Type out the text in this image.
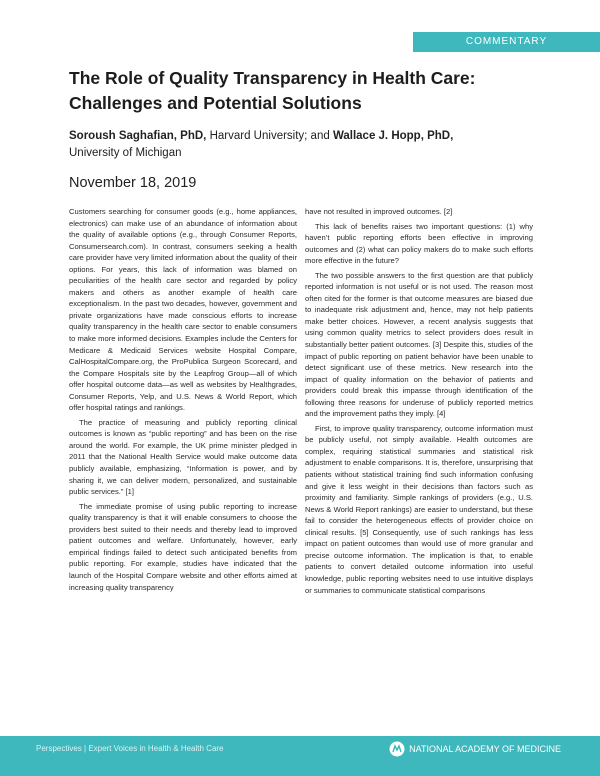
COMMENTARY
The Role of Quality Transparency in Health Care: Challenges and Potential Solutions
Soroush Saghafian, PhD, Harvard University; and Wallace J. Hopp, PhD,
University of Michigan
November 18, 2019

Customers searching for consumer goods (e.g., home appliances, electronics) can make use of an abundance of information about the quality of available options (e.g., through Consumer Reports, Consumersearch.com). In contrast, consumers seeking a health care provider have very limited information about the quality of their options. For years, this lack of information was blamed on peculiarities of the health care sector and regarded by policy makers and others as another example of health care exceptionalism. In the past two decades, however, government and private organizations have made conscious efforts to increase quality transparency in the health care sector to enable consumers to make more informed decisions. Examples include the Centers for Medicare & Medicaid Services website Hospital Compare, CalHospitalCompare.org, the ProPublica Surgeon Scorecard, and the Compare Hospitals site by the Leapfrog Group—all of which offer hospital outcome data—as well as websites by Healthgrades, Consumer Reports, Yelp, and U.S. News & World Report, which offer hospital ratings and rankings.

The practice of measuring and publicly reporting clinical outcomes is known as “public reporting” and has been on the rise around the world. For example, the UK prime minister pledged in 2011 that the National Health Service would make outcome data publicly available, emphasizing, “Information is power, and by sharing it, we can deliver modern, personalized, and sustainable public services.” [1]

The immediate promise of using public reporting to increase quality transparency is that it will enable consumers to choose the providers best suited to their needs and thereby lead to improved patient outcomes and welfare. Unfortunately, however, early empirical findings failed to detect such anticipated benefits from public reporting. For example, studies have indicated that the launch of the Hospital Compare website and other efforts aimed at increasing quality transparency

have not resulted in improved outcomes. [2]

This lack of benefits raises two important questions: (1) why haven’t public reporting efforts been effective in improving outcomes and (2) what can policy makers do to make such efforts more effective in the future?

The two possible answers to the first question are that publicly reported information is not useful or is not used. The reason most often cited for the former is that outcome measures are biased due to inadequate risk adjustment and, hence, may not help patients make better choices. However, a recent analysis suggests that using common quality metrics to select providers does result in substantially better patient outcomes. [3] Despite this, studies of the impact of public reporting on patient behavior have been unable to detect significant use of these metrics. New research into the impact of quality information on the behavior of patients and providers could break this impasse through identification of the following three reasons for underuse of publicly reported metrics and the improvement paths they imply. [4]

First, to improve quality transparency, outcome information must be publicly useful, not simply available. Health outcomes are complex, requiring statistical summaries and statistical risk adjustment to enable comparisons. It is, therefore, unsurprising that patients without statistical training find such information confusing and give it less weight in their decisions than factors such as proximity and familiarity. Simple rankings of providers (e.g., U.S. News & World Report rankings) are easier to understand, but these fail to consider the heterogeneous effects of provider choice on clinical results. [5] Consequently, use of such rankings has less impact on patient outcomes than would use of more granular and precise outcome information. The implication is that, to enable patients to convert detailed outcome information into useful knowledge, public reporting websites need to use intuitive displays or summaries to communicate statistical comparisons

Perspectives | Expert Voices in Health & Health Care	NATIONAL ACADEMY OF MEDICINE
